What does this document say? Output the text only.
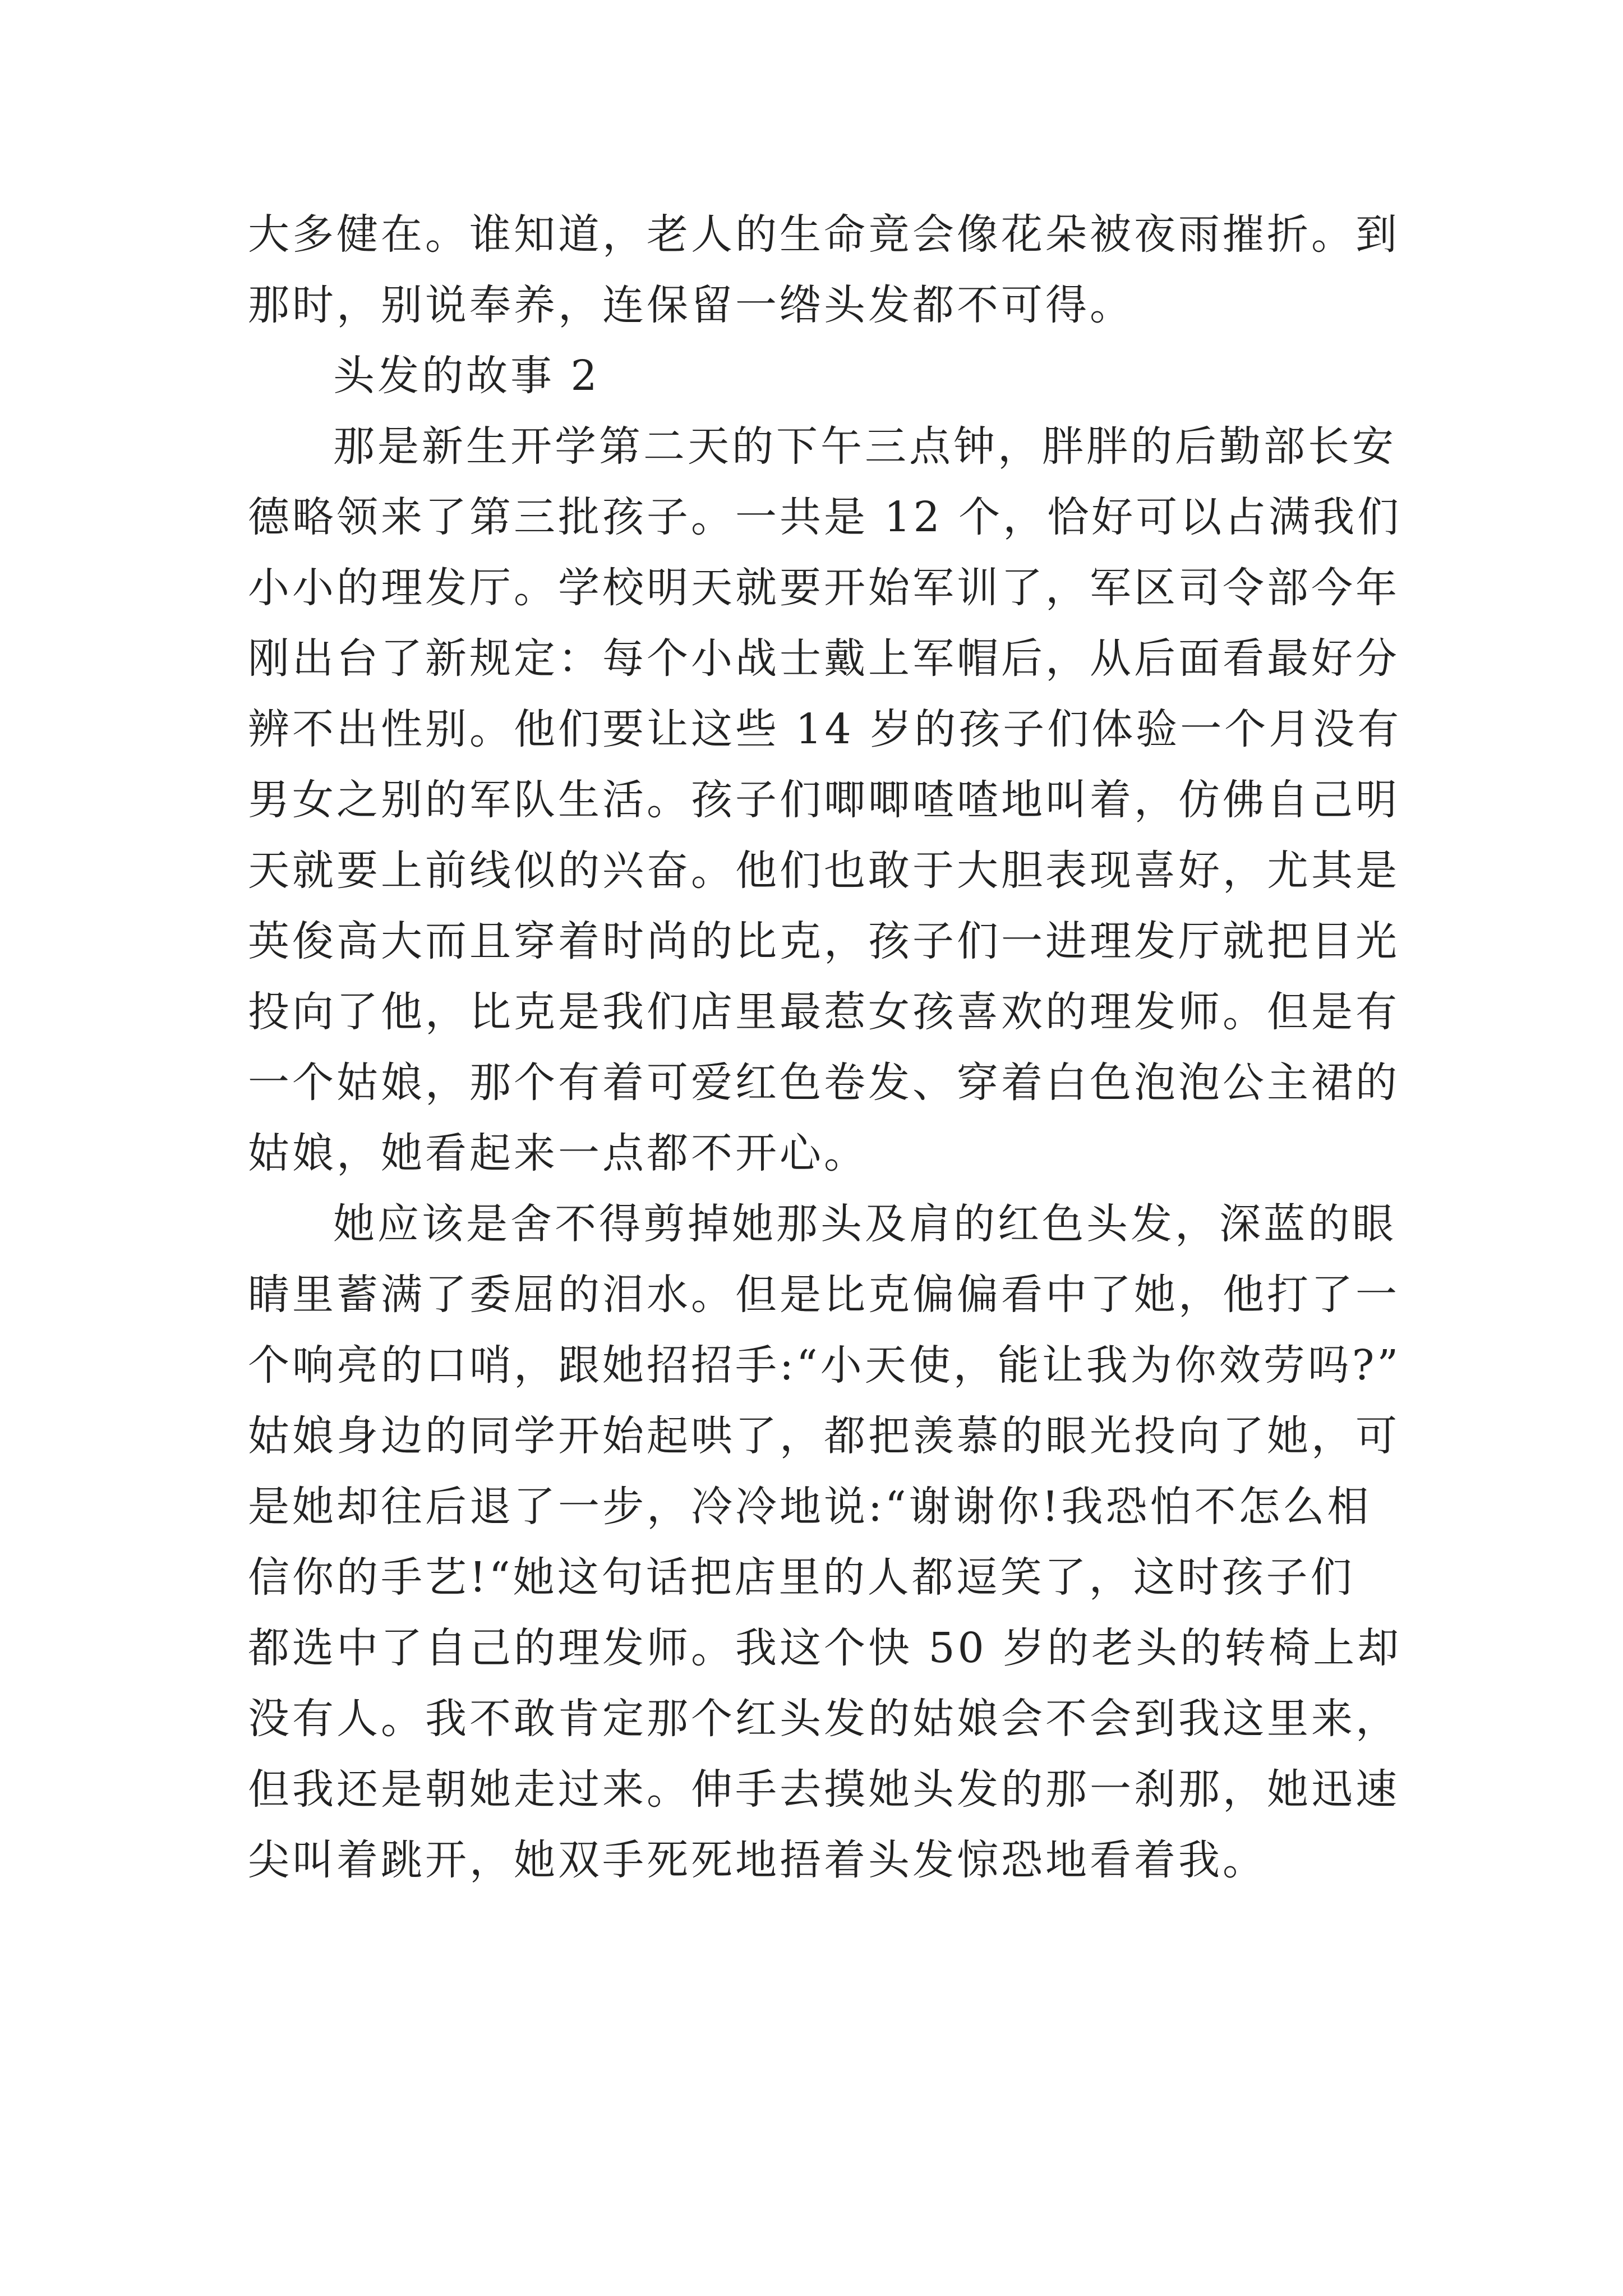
大多健在。谁知道，老人的生命竟会像花朵被夜雨摧折。到
那时，别说奉养，连保留一绺头发都不可得。
头发的故事 2
那是新生开学第二天的下午三点钟，胖胖的后勤部长安
德略领来了第三批孩子。一共是 12 个，恰好可以占满我们
小小的理发厅。学校明天就要开始军训了，军区司令部今年
刚出台了新规定：每个小战士戴上军帽后，从后面看最好分
辨不出性别。他们要让这些 14 岁的孩子们体验一个月没有
男女之别的军队生活。孩子们唧唧喳喳地叫着，仿佛自己明
天就要上前线似的兴奋。他们也敢于大胆表现喜好，尤其是
英俊高大而且穿着时尚的比克，孩子们一进理发厅就把目光
投向了他，比克是我们店里最惹女孩喜欢的理发师。但是有
一个姑娘，那个有着可爱红色卷发、穿着白色泡泡公主裙的
姑娘，她看起来一点都不开心。
她应该是舍不得剪掉她那头及肩的红色头发，深蓝的眼
睛里蓄满了委屈的泪水。但是比克偏偏看中了她，他打了一
个响亮的口哨，跟她招招手:“小天使，能让我为你效劳吗?”
姑娘身边的同学开始起哄了，都把羡慕的眼光投向了她，可
是她却往后退了一步，冷冷地说:“谢谢你!我恐怕不怎么相
信你的手艺!“她这句话把店里的人都逗笑了，这时孩子们
都选中了自己的理发师。我这个快 50 岁的老头的转椅上却
没有人。我不敢肯定那个红头发的姑娘会不会到我这里来，
但我还是朝她走过来。伸手去摸她头发的那一刹那，她迅速
尖叫着跳开，她双手死死地捂着头发惊恐地看着我。
